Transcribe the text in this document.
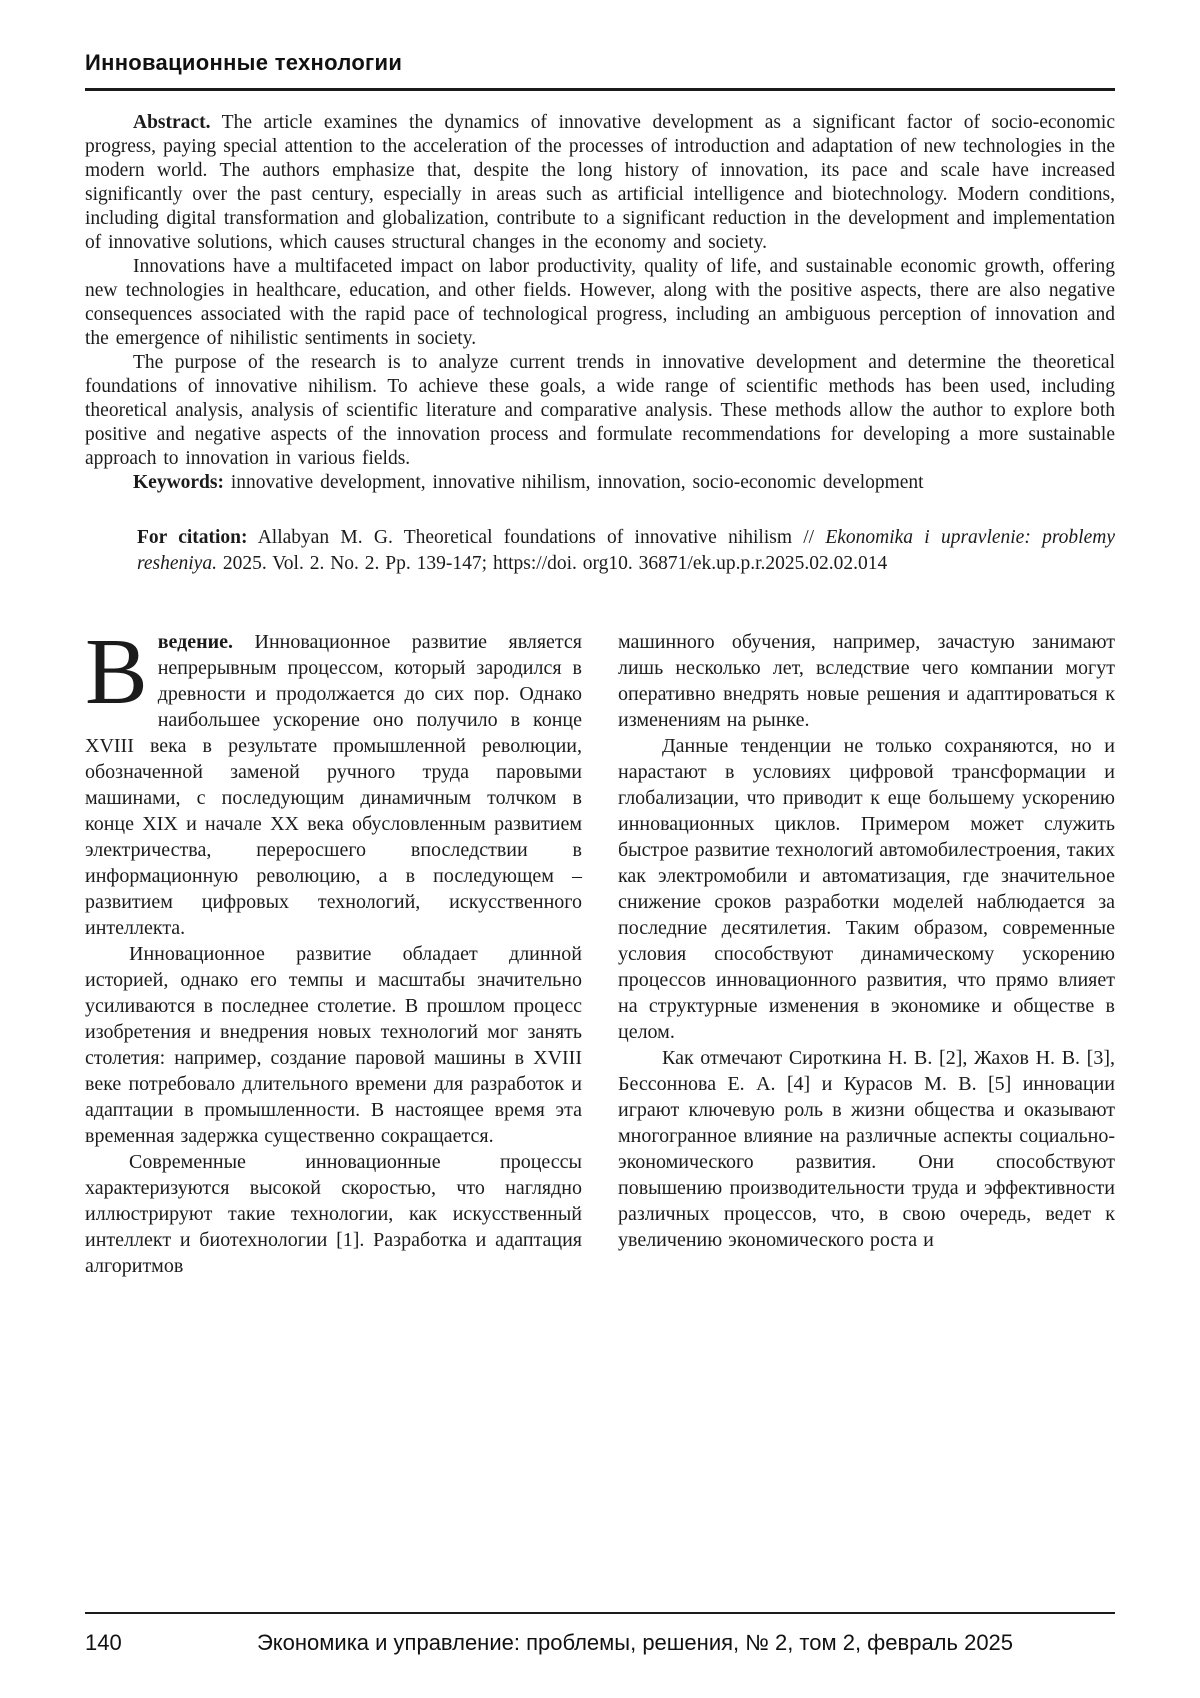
Инновационные технологии

Abstract. The article examines the dynamics of innovative development as a significant factor of socio-economic progress, paying special attention to the acceleration of the processes of introduction and adaptation of new technologies in the modern world. The authors emphasize that, despite the long history of innovation, its pace and scale have increased significantly over the past century, especially in areas such as artificial intelligence and biotechnology. Modern conditions, including digital transformation and globalization, contribute to a significant reduction in the development and implementation of innovative solutions, which causes structural changes in the economy and society.

Innovations have a multifaceted impact on labor productivity, quality of life, and sustainable economic growth, offering new technologies in healthcare, education, and other fields. However, along with the positive aspects, there are also negative consequences associated with the rapid pace of technological progress, including an ambiguous perception of innovation and the emergence of nihilistic sentiments in society.

The purpose of the research is to analyze current trends in innovative development and determine the theoretical foundations of innovative nihilism. To achieve these goals, a wide range of scientific methods has been used, including theoretical analysis, analysis of scientific literature and comparative analysis. These methods allow the author to explore both positive and negative aspects of the innovation process and formulate recommendations for developing a more sustainable approach to innovation in various fields.

Keywords: innovative development, innovative nihilism, innovation, socio-economic development

For citation: Allabyan M. G. Theoretical foundations of innovative nihilism // Ekonomika i upravlenie: problemy resheniya. 2025. Vol. 2. No. 2. Pp. 139-147; https://doi. org10. 36871/ek.up.p.r.2025.02.02.014

Введение. Инновационное развитие является непрерывным процессом, который зародился в древности и продолжается до сих пор. Однако наибольшее ускорение оно получило в конце XVIII века в результате промышленной революции, обозначенной заменой ручного труда паровыми машинами, с последующим динамичным толчком в конце XIX и начале XX века обусловленным развитием электричества, переросшего впоследствии в информационную революцию, а в последующем – развитием цифровых технологий, искусственного интеллекта.

Инновационное развитие обладает длинной историей, однако его темпы и масштабы значительно усиливаются в последнее столетие. В прошлом процесс изобретения и внедрения новых технологий мог занять столетия: например, создание паровой машины в XVIII веке потребовало длительного времени для разработок и адаптации в промышленности. В настоящее время эта временная задержка существенно сокращается.

Современные инновационные процессы характеризуются высокой скоростью, что наглядно иллюстрируют такие технологии, как искусственный интеллект и биотехнологии [1]. Разработка и адаптация алгоритмов

машинного обучения, например, зачастую занимают лишь несколько лет, вследствие чего компании могут оперативно внедрять новые решения и адаптироваться к изменениям на рынке.

Данные тенденции не только сохраняются, но и нарастают в условиях цифровой трансформации и глобализации, что приводит к еще большему ускорению инновационных циклов. Примером может служить быстрое развитие технологий автомобилестроения, таких как электромобили и автоматизация, где значительное снижение сроков разработки моделей наблюдается за последние десятилетия. Таким образом, современные условия способствуют динамическому ускорению процессов инновационного развития, что прямо влияет на структурные изменения в экономике и обществе в целом.

Как отмечают Сироткина Н. В. [2], Жахов Н. В. [3], Бессоннова Е. А. [4] и Курасов М. В. [5] инновации играют ключевую роль в жизни общества и оказывают многогранное влияние на различные аспекты социально-экономического развития. Они способствуют повышению производительности труда и эффективности различных процессов, что, в свою очередь, ведет к увеличению экономического роста и

140	Экономика и управление: проблемы, решения, № 2, том 2, февраль 2025
